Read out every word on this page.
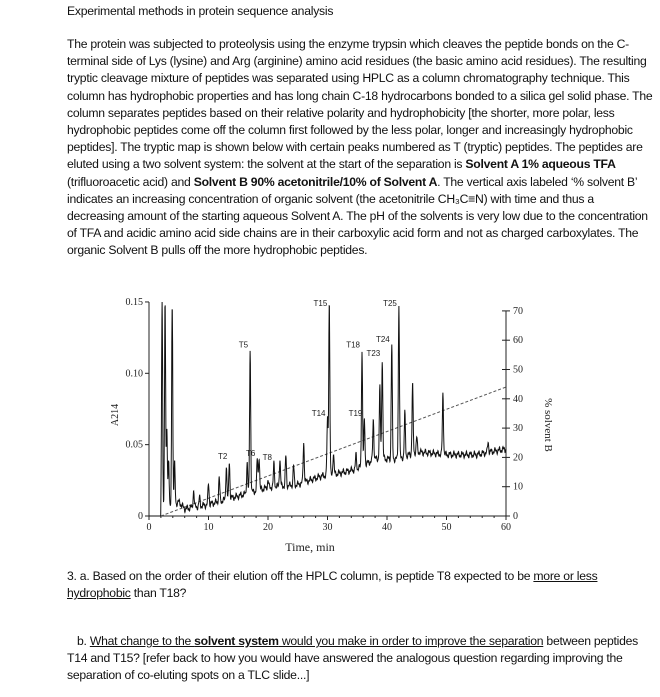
Experimental methods in protein sequence analysis
The protein was subjected to proteolysis using the enzyme trypsin which cleaves the peptide bonds on the C-terminal side of Lys (lysine) and Arg (arginine) amino acid residues (the basic amino acid residues). The resulting tryptic cleavage mixture of peptides was separated using HPLC as a column chromatography technique. This column has hydrophobic properties and has long chain C-18 hydrocarbons bonded to a silica gel solid phase. The column separates peptides based on their relative polarity and hydrophobicity [the shorter, more polar, less hydrophobic peptides come off the column first followed by the less polar, longer and increasingly hydrophobic peptides]. The tryptic map is shown below with certain peaks numbered as T (tryptic) peptides. The peptides are eluted using a two solvent system: the solvent at the start of the separation is Solvent A 1% aqueous TFA (trifluoroacetic acid) and Solvent B 90% acetonitrile/10% of Solvent A. The vertical axis labeled ‘% solvent B’ indicates an increasing concentration of organic solvent (the acetonitrile CH₃C≡N) with time and thus a decreasing amount of the starting aqueous Solvent A. The pH of the solvents is very low due to the concentration of TFA and acidic amino acid side chains are in their carboxylic acid form and not as charged carboxylates. The organic Solvent B pulls off the more hydrophobic peptides.
0	10	20	30	40	50	60
0
0.05
0.10
0.15
0
10
20
30
40
50
60
70
T2
T5
T6 T8
T14
T15
T18
T19
T23
T24
T25
Time, min
A214	% solvent B
3. a. Based on the order of their elution off the HPLC column, is peptide T8 expected to be more or less hydrophobic than T18?
b. What change to the solvent system would you make in order to improve the separation between peptides T14 and T15? [refer back to how you would have answered the analogous question regarding improving the separation of co-eluting spots on a TLC slide...]
